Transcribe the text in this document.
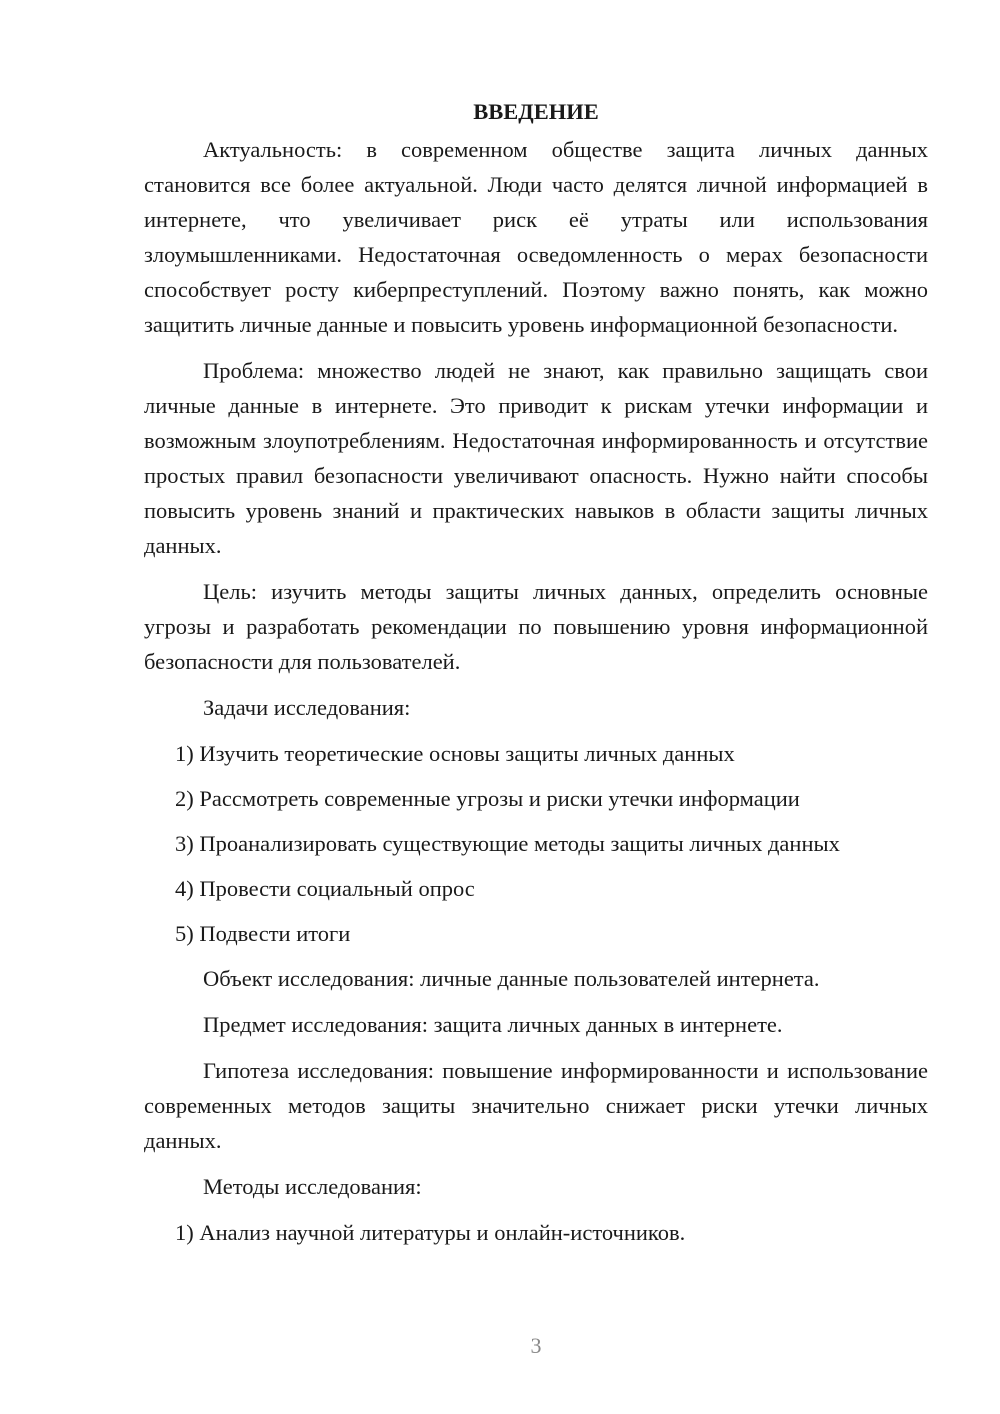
ВВЕДЕНИЕ

Актуальность: в современном обществе защита личных данных становится все более актуальной. Люди часто делятся личной информацией в интернете, что увеличивает риск её утраты или использования злоумышленниками. Недостаточная осведомленность о мерах безопасности способствует росту киберпреступлений. Поэтому важно понять, как можно защитить личные данные и повысить уровень информационной безопасности.

Проблема: множество людей не знают, как правильно защищать свои личные данные в интернете. Это приводит к рискам утечки информации и возможным злоупотреблениям. Недостаточная информированность и отсутствие простых правил безопасности увеличивают опасность. Нужно найти способы повысить уровень знаний и практических навыков в области защиты личных данных.

Цель: изучить методы защиты личных данных, определить основные угрозы и разработать рекомендации по повышению уровня информационной безопасности для пользователей.

Задачи исследования:
1) Изучить теоретические основы защиты личных данных
2) Рассмотреть современные угрозы и риски утечки информации
3) Проанализировать существующие методы защиты личных данных
4) Провести социальный опрос
5) Подвести итоги
Объект исследования: личные данные пользователей интернета.
Предмет исследования: защита личных данных в интернете.

Гипотеза исследования: повышение информированности и использование современных методов защиты значительно снижает риски утечки личных данных.

Методы исследования:
1) Анализ научной литературы и онлайн-источников.
3
